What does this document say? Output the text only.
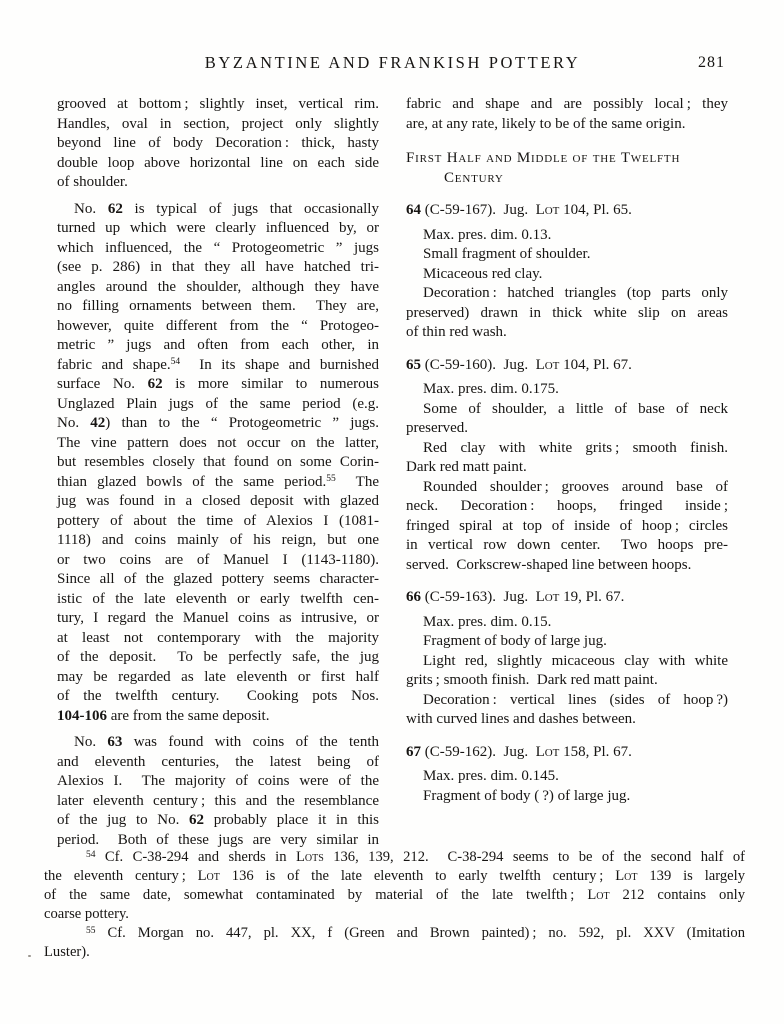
BYZANTINE AND FRANKISH POTTERY	281
grooved at bottom ; slightly inset, vertical rim.
Handles, oval in section, project only slightly
beyond line of body Decoration : thick, hasty
double loop above horizontal line on each side
of shoulder.
No. 62 is typical of jugs that occasionally
turned up which were clearly influenced by, or
which influenced, the “ Protogeometric ” jugs
(see p. 286) in that they all have hatched tri-
angles around the shoulder, although they have
no filling ornaments between them.  They are,
however, quite different from the “ Protogeo-
metric ” jugs and often from each other, in
fabric and shape.$^{54}$  In its shape and burnished
surface No. 62 is more similar to numerous
Unglazed Plain jugs of the same period (e.g.
No. 42) than to the “ Protogeometric ” jugs.
The vine pattern does not occur on the latter,
but resembles closely that found on some Corin-
thian glazed bowls of the same period.$^{55}$  The
jug was found in a closed deposit with glazed
pottery of about the time of Alexios I (1081-
1118) and coins mainly of his reign, but one
or two coins are of Manuel I (1143-1180).
Since all of the glazed pottery seems character-
istic of the late eleventh or early twelfth cen-
tury, I regard the Manuel coins as intrusive, or
at least not contemporary with the majority
of the deposit.  To be perfectly safe, the jug
may be regarded as late eleventh or first half
of the twelfth century.  Cooking pots Nos.
104-106 are from the same deposit.
No. 63 was found with coins of the tenth
and eleventh centuries, the latest being of
Alexios I.  The majority of coins were of the
later eleventh century ; this and the resemblance
of the jug to No. 62 probably place it in this
period.  Both of these jugs are very similar in
fabric and shape and are possibly local ; they
are, at any rate, likely to be of the same origin.
First Half and Middle of the Twelfth
Century
64 (C-59-167).  Jug.  Lot 104, Pl. 65.
Max. pres. dim. 0.13.
Small fragment of shoulder.
Micaceous red clay.
Decoration : hatched triangles (top parts only
preserved) drawn in thick white slip on areas
of thin red wash.
65 (C-59-160).  Jug.  Lot 104, Pl. 67.
Max. pres. dim. 0.175.
Some of shoulder, a little of base of neck
preserved.
Red clay with white grits ; smooth finish.
Dark red matt paint.
Rounded shoulder ; grooves around base of
neck.  Decoration :  hoops,  fringed  inside ;
fringed spiral at top of inside of hoop ; circles
in vertical row down center.  Two hoops pre-
served.  Corkscrew-shaped line between hoops.
66 (C-59-163).  Jug.  Lot 19, Pl. 67.
Max. pres. dim. 0.15.
Fragment of body of large jug.
Light red, slightly micaceous clay with white
grits ; smooth finish.  Dark red matt paint.
Decoration : vertical lines (sides of hoop ?)
with curved lines and dashes between.
67 (C-59-162).  Jug.  Lot 158, Pl. 67.
Max. pres. dim. 0.145.
Fragment of body ( ?) of large jug.
$^{54}$ Cf. C-38-294 and sherds in Lots 136, 139, 212.  C-38-294 seems to be of the second half of
the eleventh century ; Lot 136 is of the late eleventh to early twelfth century ; Lot 139 is largely
of the same date, somewhat contaminated by material of the late twelfth ; Lot 212 contains only
coarse pottery.
$^{55}$ Cf. Morgan no. 447, pl. XX, f (Green and Brown painted) ; no. 592, pl. XXV (Imitation
Luster).
